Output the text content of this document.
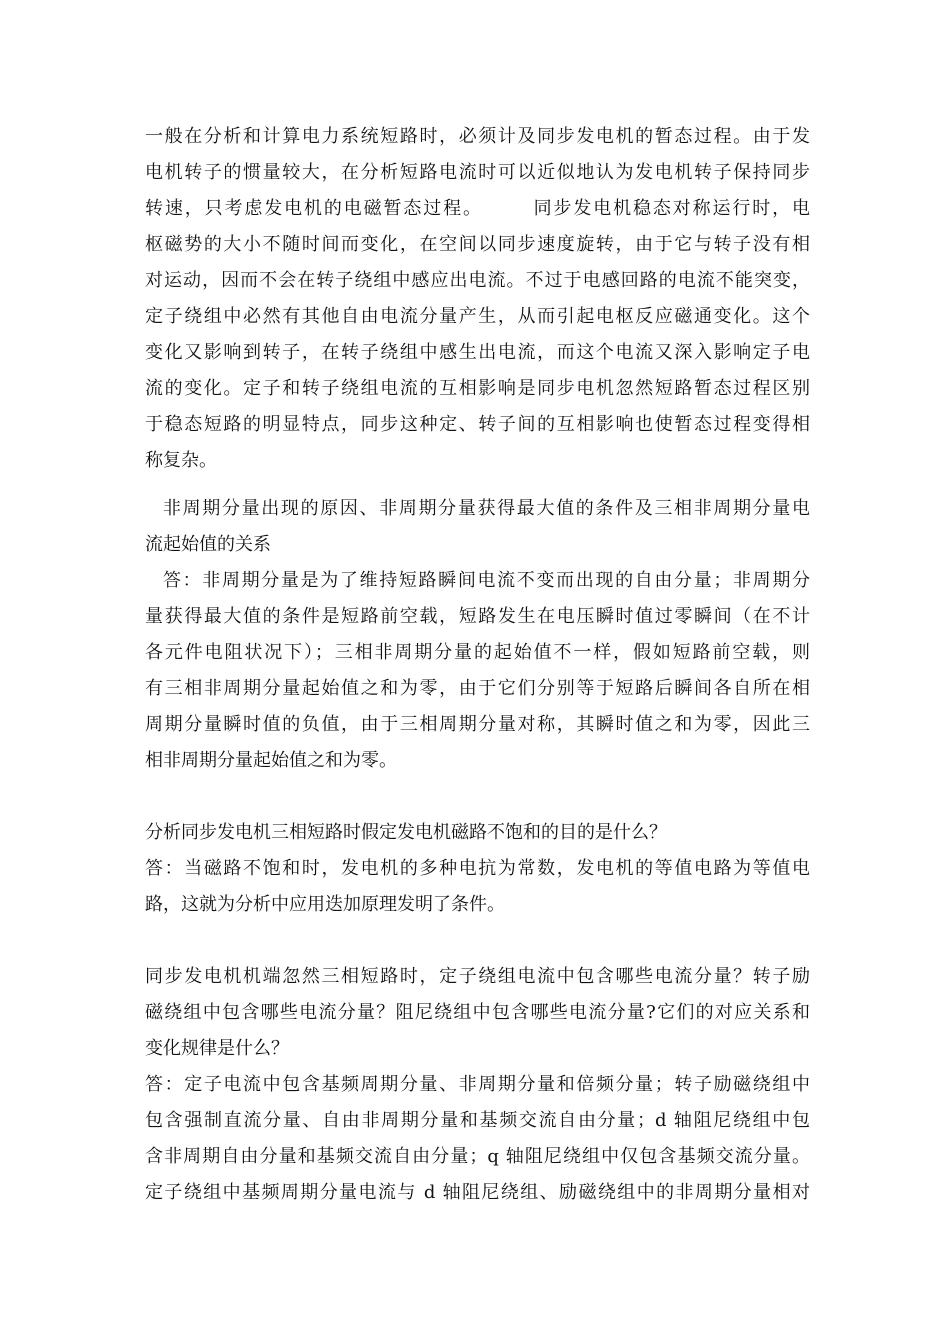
一般在分析和计算电力系统短路时，必须计及同步发电机的暂态过程。由于发
电机转子的惯量较大，在分析短路电流时可以近似地认为发电机转子保持同步
转速，只考虑发电机的电磁暂态过程。　　　同步发电机稳态对称运行时，电
枢磁势的大小不随时间而变化，在空间以同步速度旋转，由于它与转子没有相
对运动，因而不会在转子绕组中感应出电流。不过于电感回路的电流不能突变，
定子绕组中必然有其他自由电流分量产生，从而引起电枢反应磁通变化。这个
变化又影响到转子，在转子绕组中感生出电流，而这个电流又深入影响定子电
流的变化。定子和转子绕组电流的互相影响是同步电机忽然短路暂态过程区别
于稳态短路的明显特点，同步这种定、转子间的互相影响也使暂态过程变得相
称复杂。
非周期分量出现的原因、非周期分量获得最大值的条件及三相非周期分量电
流起始值的关系
答：非周期分量是为了维持短路瞬间电流不变而出现的自由分量；非周期分
量获得最大值的条件是短路前空载，短路发生在电压瞬时值过零瞬间（在不计
各元件电阻状况下）；三相非周期分量的起始值不一样，假如短路前空载，则
有三相非周期分量起始值之和为零，由于它们分别等于短路后瞬间各自所在相
周期分量瞬时值的负值，由于三相周期分量对称，其瞬时值之和为零，因此三
相非周期分量起始值之和为零。
分析同步发电机三相短路时假定发电机磁路不饱和的目的是什么？
答：当磁路不饱和时，发电机的多种电抗为常数，发电机的等值电路为等值电
路，这就为分析中应用迭加原理发明了条件。
同步发电机机端忽然三相短路时，定子绕组电流中包含哪些电流分量？转子励
磁绕组中包含哪些电流分量？阻尼绕组中包含哪些电流分量?它们的对应关系和
变化规律是什么？
答：定子电流中包含基频周期分量、非周期分量和倍频分量；转子励磁绕组中
包含强制直流分量、自由非周期分量和基频交流自由分量；d 轴阻尼绕组中包
含非周期自由分量和基频交流自由分量；q 轴阻尼绕组中仅包含基频交流分量。
定子绕组中基频周期分量电流与 d 轴阻尼绕组、励磁绕组中的非周期分量相对
